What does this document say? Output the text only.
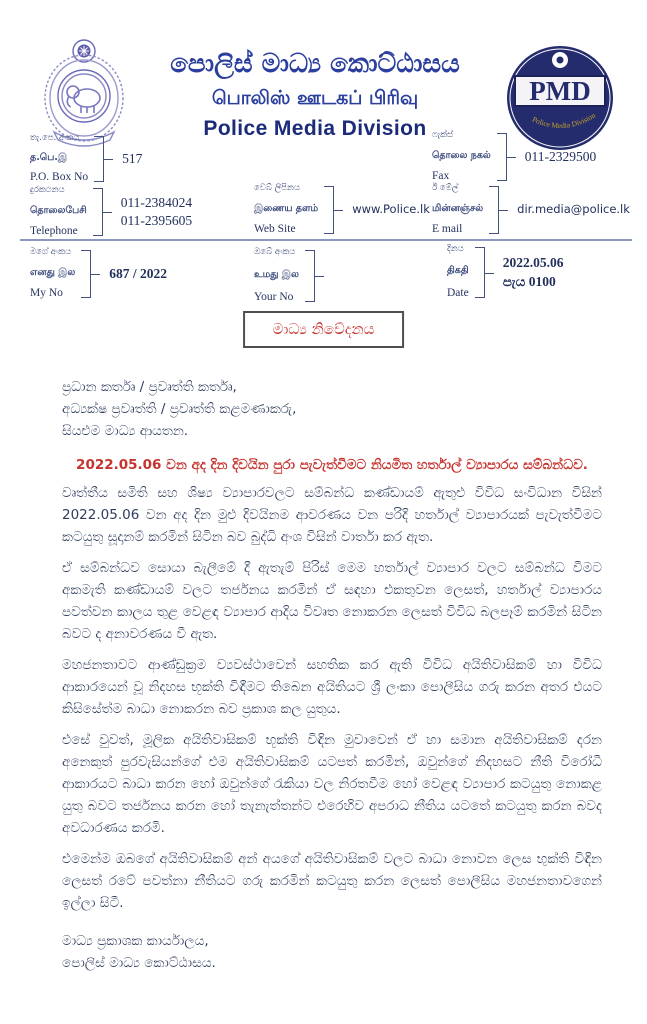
පොලිස් මාධ්‍ය කොට්ඨාසය
பொலிஸ் ஊடகப் பிரிவு
Police Media Division
PMD
Police Media Division
තැ.පෙ. අංකය
த.பெ.இ
P.O. Box No
517
ෆැක්ස්
தொலை நகல்
Fax
011-2329500
දුරකථනය
தொலைபேசி
Telephone
011-2384024
011-2395605
වෙබ් ලිපිනය
இணைய தளம்
Web Site
www.Police.lk
ඊ මේල්
மின்னஞ்சல்
E mail
dir.media@police.lk
මගේ අංකය
எனது இல
My No
687 / 2022
ඔබේ අංකය
உமது இல
Your No
දිනය
திகதி
Date
2022.05.06
පැය 0100
මාධ්‍ය නිවේදනය
ප්‍රධාන කර්තෘ / ප්‍රවෘත්ති කර්තෘ,
අධ්‍යක්ෂ ප්‍රවෘත්ති / ප්‍රවෘත්ති කළමණාකරු,
සියළුම මාධ්‍ය ආයතන.
2022.05.06 වන අද දින දිවයින පුරා පැවැත්වීමට නියමිත හර්තාල් ව්‍යාපාරය සම්බන්ධව.

වෘත්තීය සමිති සහ ශිෂ්‍ය ව්‍යාපාරවලට සම්බන්ධ කණ්ඩායම් ඇතුළු විවිධ සංවිධාන විසින් 2022.05.06 වන අද දින මුළු දිවයිනම ආවරණය වන පරිදි හර්තාල් ව්‍යාපාරයක් පැවැත්වීමට කටයුතු සූදානම් කරමින් සිටින බව බුද්ධි අංශ විසින් වාර්තා කර ඇත.

ඒ සම්බන්ධව සොයා බැලීමේ දී ඇතැම් පිරිස් මෙම හර්තාල් ව්‍යාපාර වලට සම්බන්ධ වීමට අකමැති කණ්ඩායම් වලට තර්ජනය කරමින් ඒ සඳහා එකතුවන ලෙසත්, හර්තාල් ව්‍යාපාරය පවත්වන කාලය තුළ වෙළඳ ව්‍යාපාර ආදිය විවෘත නොකරන ලෙසත් විවිධ බලපෑම් කරමින් සිටින බවට ද අනාවරණය වී ඇත.

මහජනතාවට ආණ්ඩුක්‍රම ව්‍යවස්ථාවෙන් සහතික කර ඇති විවිධ අයිතිවාසිකම් හා විවිධ ආකාරයෙන් වූ නිදහස භූක්ති විඳීමට තිබෙන අයිතියට ශ්‍රී ලංකා පොලීසිය ගරු කරන අතර එයට කිසිසේත්ම බාධා නොකරන බව ප්‍රකාශ කල යුතුය.

එසේ වුවත්, මූලික අයිතිවාසිකම් භූක්ති විඳින මුවාවෙන් ඒ හා සමාන අයිතිවාසිකම් දරන අනෙකුත් පුරවැසියන්ගේ එම අයිතිවාසිකම් යටපත් කරමින්, ඔවුන්ගේ නිදහසට නීති විරෝධී ආකාරයට බාධා කරන හෝ ඔවුන්ගේ රැකියා වල නිරතවීම හෝ වෙළඳ ව්‍යාපාර කටයුතු නොකළ යුතු බවට තර්ජනය කරන හෝ තැනැත්තන්ට එරෙහිව අපරාධ නීතිය යටතේ කටයුතු කරන බවද අවධාරණය කරමි.

එමෙන්ම ඔබගේ අයිතිවාසිකම් අන් අයගේ අයිතිවාසිකම් වලට බාධා නොවන ලෙස භුක්ති විඳින ලෙසත් රටේ පවත්නා නීතියට ගරු කරමින් කටයුතු කරන ලෙසත් පොලීසිය මහජනතාවගෙන් ඉල්ලා සිටී.

මාධ්‍ය ප්‍රකාශක කාර්යාලය,
පොලිස් මාධ්‍ය කොට්ඨාසය.
